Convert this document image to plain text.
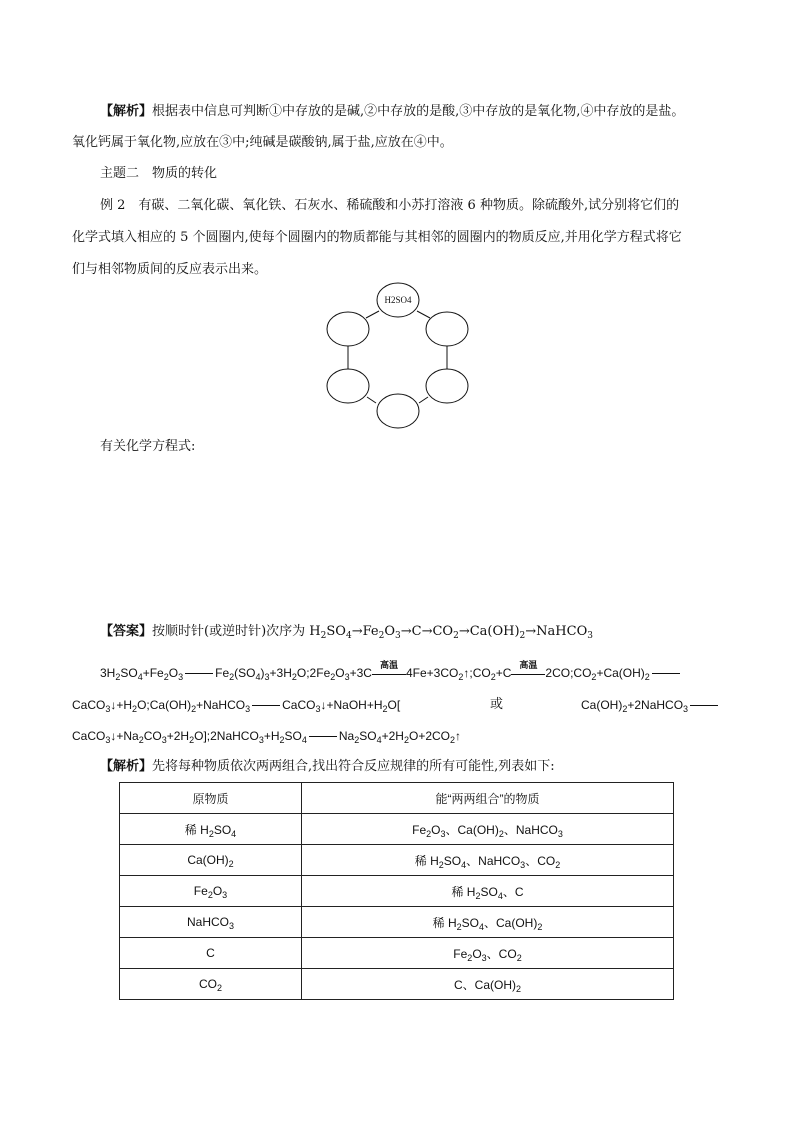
【解析】根据表中信息可判断①中存放的是碱,②中存放的是酸,③中存放的是氧化物,④中存放的是盐。
氧化钙属于氧化物,应放在③中;纯碱是碳酸钠,属于盐,应放在④中。
主题二　物质的转化
例 2　有碳、二氧化碳、氧化铁、石灰水、稀硫酸和小苏打溶液 6 种物质。除硫酸外,试分别将它们的
化学式填入相应的 5 个圆圈内,使每个圆圈内的物质都能与其相邻的圆圈内的物质反应,并用化学方程式将它
们与相邻物质间的反应表示出来。
H2SO4
有关化学方程式:
【答案】按顺时针(或逆时针)次序为 $H_2SO_4\to Fe_2O_3\to C\to CO_2\to Ca(OH)_2\to NaHCO_3$
$3H_2SO_4+Fe_2O_3$	$Fe_2(SO_4)_3+3H_2O;2Fe_2O_3+3C$
高温
$4Fe+3CO_2↑;CO_2+C$
高温
$2CO;CO_2+Ca(OH)_2$
$CaCO_3↓+H_2O;Ca(OH)_2+NaHCO_3$	$CaCO_3↓+NaOH+H_2O$[	或	$Ca(OH)_2+2NaHCO_3$
$CaCO_3↓+Na_2CO_3+2H_2O];2NaHCO_3+H_2SO_4$	$Na_2SO_4+2H_2O+2CO_2↑$
【解析】先将每种物质依次两两组合,找出符合反应规律的所有可能性,列表如下:
原物质	能“两两组合”的物质
稀 $H_2SO_4$	$Fe_2O_3$、$Ca(OH)_2$、NaHCO$_3$
$Ca(OH)_2$	稀 $H_2SO_4$、NaHCO$_3$、$CO_2$
$Fe_2O_3$	稀 $H_2SO_4$、C
NaHCO$_3$	稀 $H_2SO_4$、$Ca(OH)_2$
C	$Fe_2O_3$、$CO_2$
$CO_2$	C、$Ca(OH)_2$
